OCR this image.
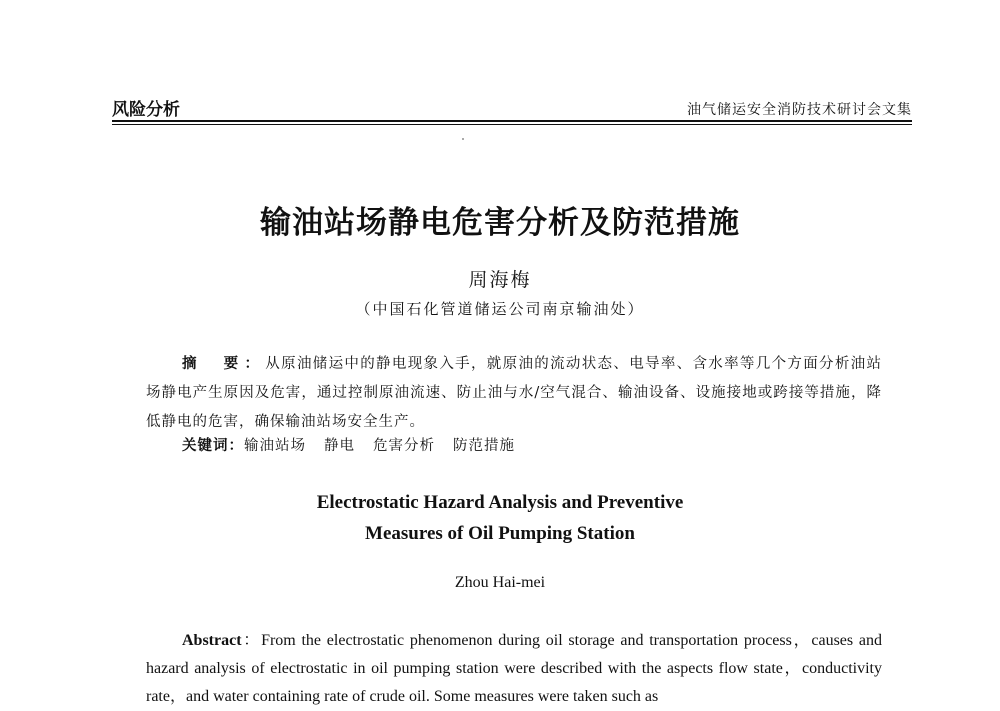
风险分析	油气储运安全消防技术研讨会文集
输油站场静电危害分析及防范措施
周海梅
（中国石化管道储运公司南京输油处）
摘　要：从原油储运中的静电现象入手，就原油的流动状态、电导率、含水率等几个方面分析油站场静电产生原因及危害，通过控制原油流速、防止油与水/空气混合、输油设备、设施接地或跨接等措施，降低静电的危害，确保输油站场安全生产。
关键词：输油站场 静电 危害分析 防范措施
Electrostatic Hazard Analysis and Preventive
Measures of Oil Pumping Station
Zhou Hai-mei
Abstract：From the electrostatic phenomenon during oil storage and transportation process，causes and hazard analysis of electrostatic in oil pumping station were described with the aspects flow state，conductivity rate，and water containing rate of crude oil. Some measures were taken such as
